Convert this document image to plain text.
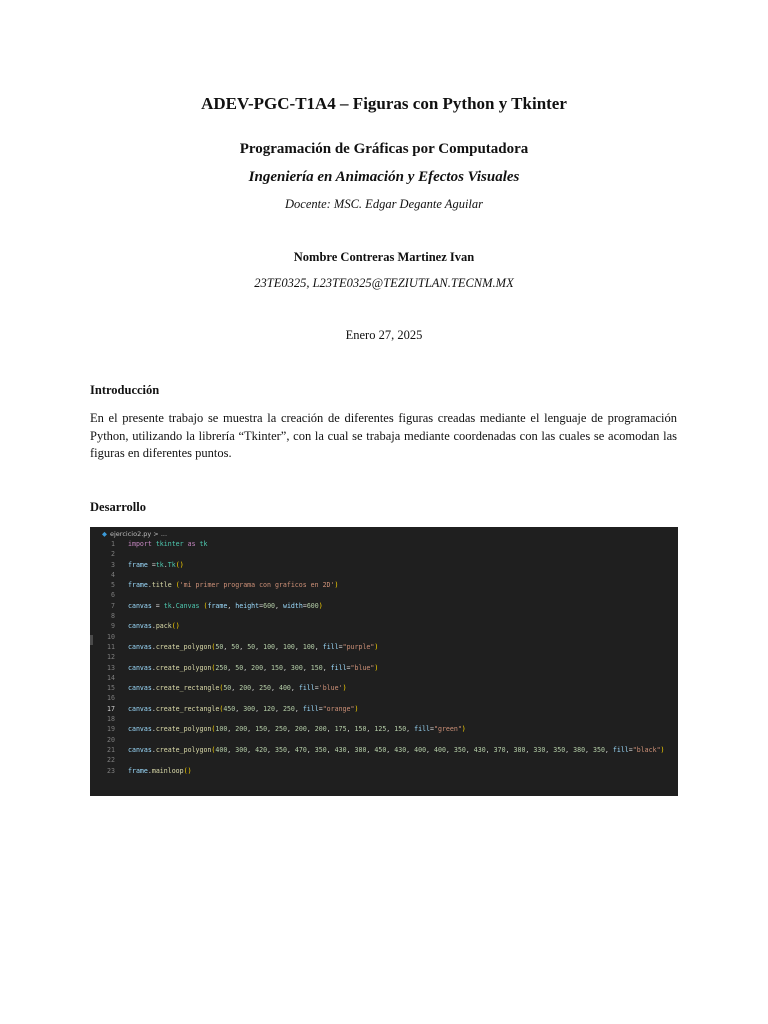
ADEV-PGC-T1A4 – Figuras con Python y Tkinter
Programación de Gráficas por Computadora
Ingeniería en Animación y Efectos Visuales
Docente: MSC. Edgar Degante Aguilar
Nombre Contreras Martinez Ivan
23TE0325, L23TE0325@TEZIUTLAN.TECNM.MX
Enero 27, 2025
Introducción
En el presente trabajo se muestra la creación de diferentes figuras creadas mediante el lenguaje de programación Python, utilizando la librería “Tkinter”, con la cual se trabaja mediante coordenadas con las cuales se acomodan las figuras en diferentes puntos.
Desarrollo
◆ ejercicio2.py > ...
1 import tkinter as tk
2
3 frame =tk.Tk()
4
5 frame.title ('mi primer programa con graficos en 2D')
6
7 canvas = tk.Canvas (frame, height=600, width=600)
8
9 canvas.pack()
10
11 canvas.create_polygon(50, 50, 50, 100, 100, 100, fill="purple")
12
13 canvas.create_polygon(250, 50, 200, 150, 300, 150, fill="blue")
14
15 canvas.create_rectangle(50, 200, 250, 400, fill='blue')
16
17 canvas.create_rectangle(450, 300, 120, 250, fill="orange")
18
19 canvas.create_polygon(100, 200, 150, 250, 200, 200, 175, 150, 125, 150, fill="green")
20
21 canvas.create_polygon(400, 300, 420, 350, 470, 350, 430, 380, 450, 430, 400, 400, 350, 430, 370, 380, 330, 350, 380, 350, fill="black")
22
23 frame.mainloop()
